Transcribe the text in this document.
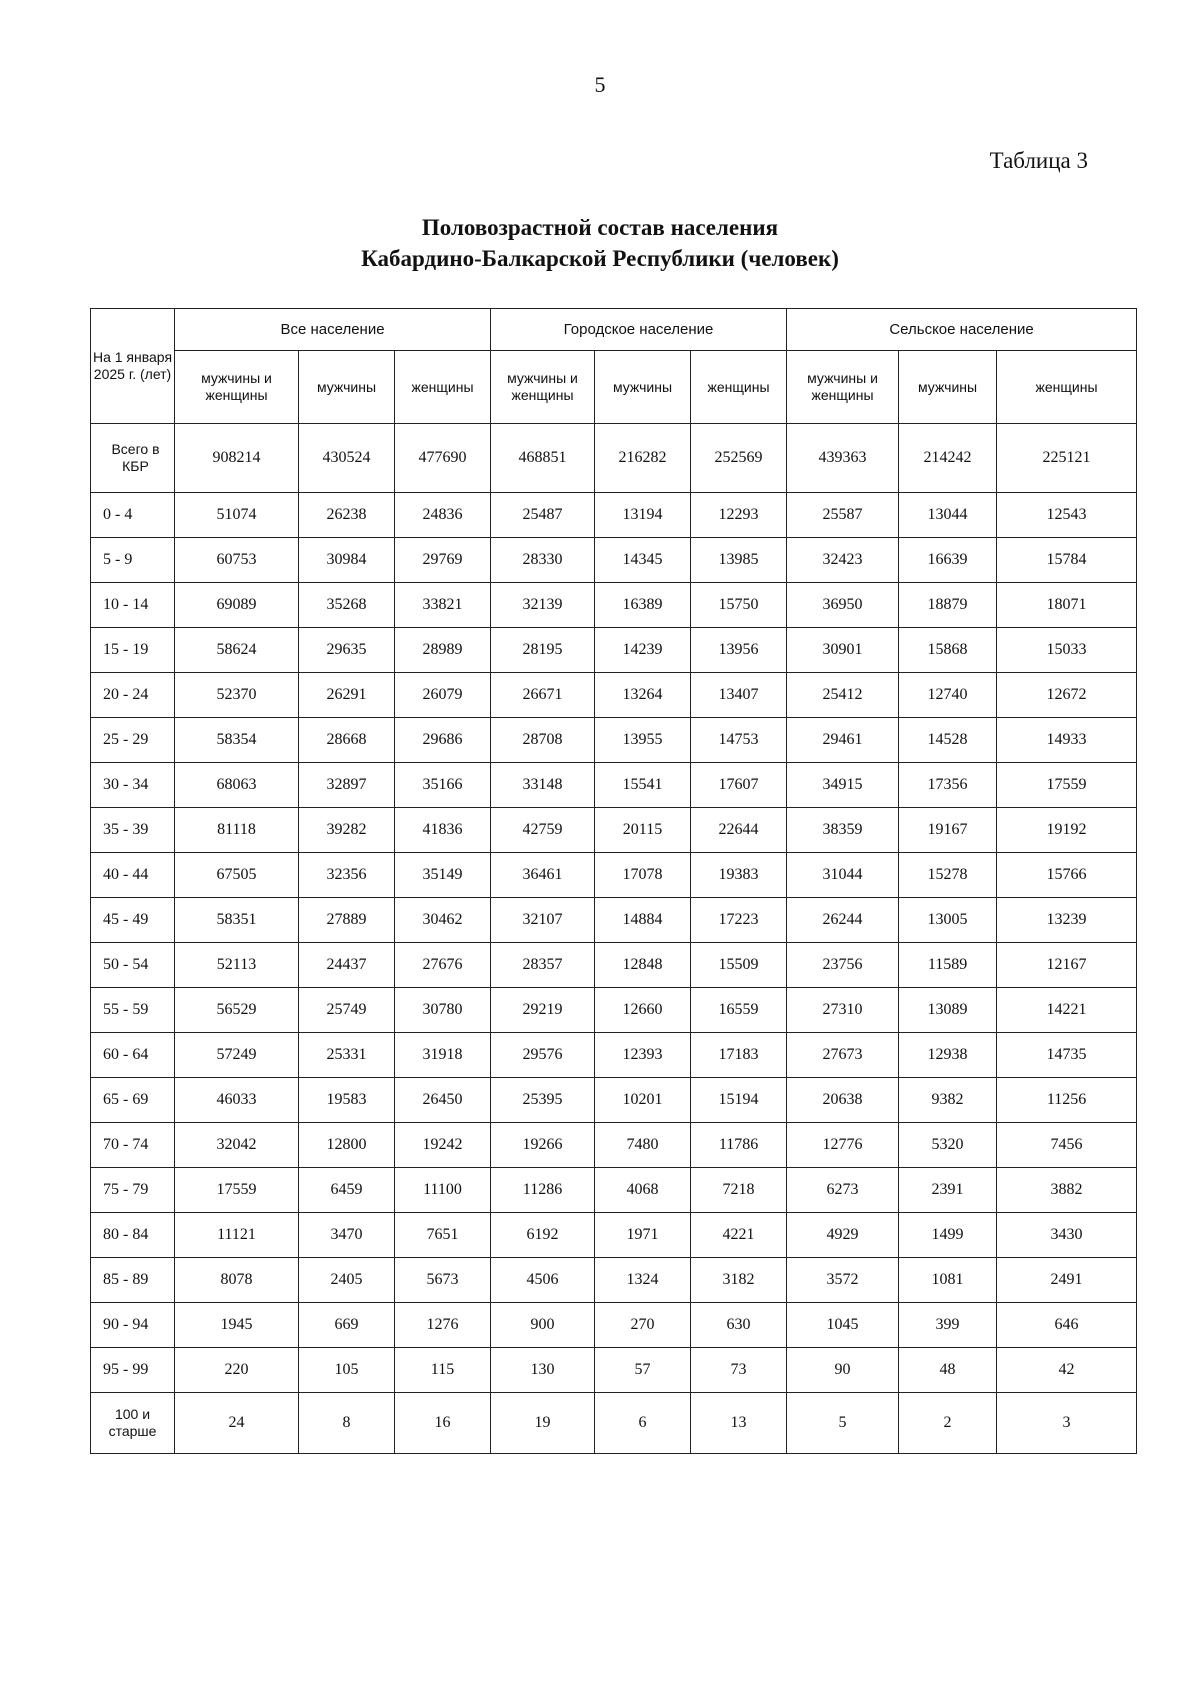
5
Таблица 3
Половозрастной состав населения
Кабардино-Балкарской Республики (человек)
На 1 января 2025 г. (лет)	Все население			Городское население			Сельское население		
	мужчины и женщины	мужчины	женщины	мужчины и женщины	мужчины	женщины	мужчины и женщины	мужчины	женщины
Всего в КБР	908214	430524	477690	468851	216282	252569	439363	214242	225121
0 - 4	51074	26238	24836	25487	13194	12293	25587	13044	12543
5 - 9	60753	30984	29769	28330	14345	13985	32423	16639	15784
10 - 14	69089	35268	33821	32139	16389	15750	36950	18879	18071
15 - 19	58624	29635	28989	28195	14239	13956	30901	15868	15033
20 - 24	52370	26291	26079	26671	13264	13407	25412	12740	12672
25 - 29	58354	28668	29686	28708	13955	14753	29461	14528	14933
30 - 34	68063	32897	35166	33148	15541	17607	34915	17356	17559
35 - 39	81118	39282	41836	42759	20115	22644	38359	19167	19192
40 - 44	67505	32356	35149	36461	17078	19383	31044	15278	15766
45 - 49	58351	27889	30462	32107	14884	17223	26244	13005	13239
50 - 54	52113	24437	27676	28357	12848	15509	23756	11589	12167
55 - 59	56529	25749	30780	29219	12660	16559	27310	13089	14221
60 - 64	57249	25331	31918	29576	12393	17183	27673	12938	14735
65 - 69	46033	19583	26450	25395	10201	15194	20638	9382	11256
70 - 74	32042	12800	19242	19266	7480	11786	12776	5320	7456
75 - 79	17559	6459	11100	11286	4068	7218	6273	2391	3882
80 - 84	11121	3470	7651	6192	1971	4221	4929	1499	3430
85 - 89	8078	2405	5673	4506	1324	3182	3572	1081	2491
90 - 94	1945	669	1276	900	270	630	1045	399	646
95 - 99	220	105	115	130	57	73	90	48	42
100 и старше	24	8	16	19	6	13	5	2	3
